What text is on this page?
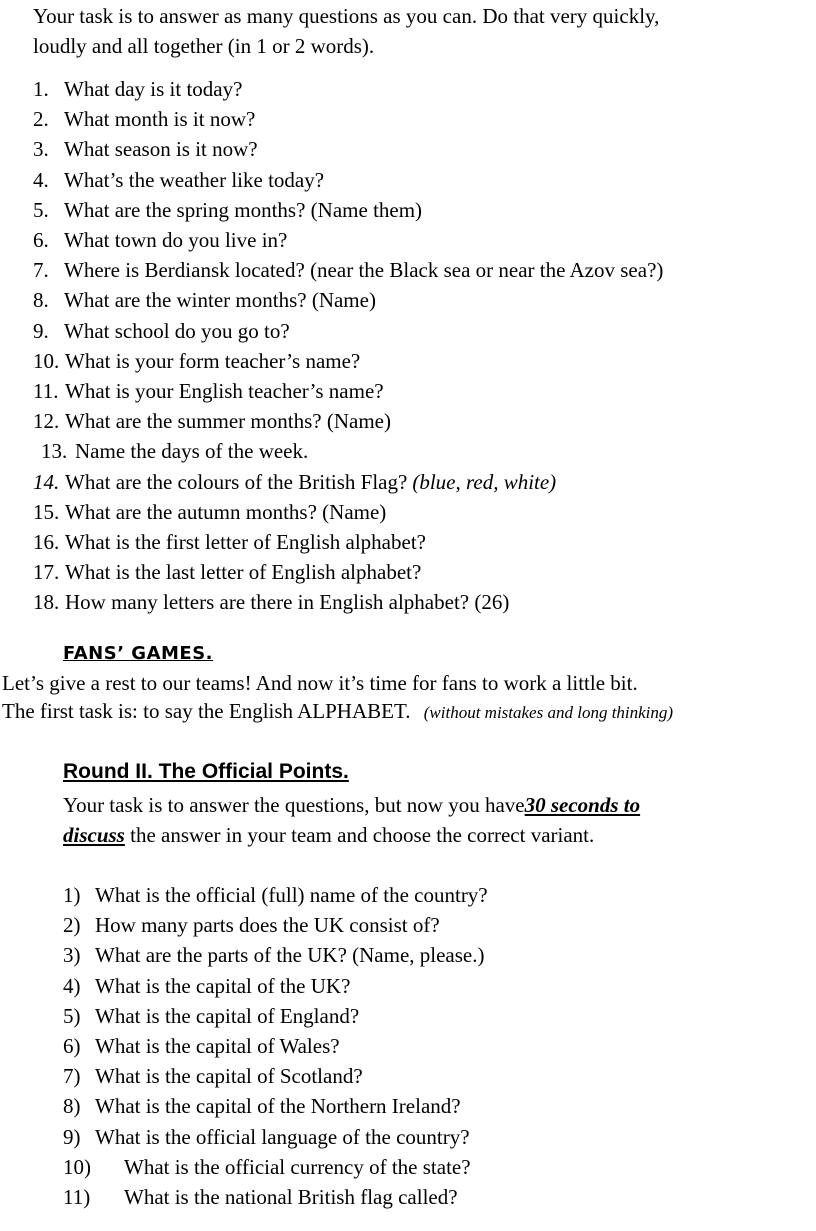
Your task is to answer as many questions as you can. Do that very quickly,
loudly and all together (in 1 or 2 words).
1. What day is it today?
2. What month is it now?
3. What season is it now?
4. What’s the weather like today?
5. What are the spring months? (Name them)
6. What town do you live in?
7. Where is Berdiansk located? (near the Black sea or near the Azov sea?)
8. What are the winter months? (Name)
9. What school do you go to?
10. What is your form teacher’s name?
11. What is your English teacher’s name?
12. What are the summer months? (Name)
13. Name the days of the week.
14. What are the colours of the British Flag? (blue, red, white)
15. What are the autumn months? (Name)
16. What is the first letter of English alphabet?
17. What is the last letter of English alphabet?
18. How many letters are there in English alphabet? (26)
FANS’ GAMES.
Let’s give a rest to our teams! And now it’s time for fans to work a little bit.
The first task is: to say the English ALPHABET. (without mistakes and long thinking)
Round II. The Official Points.
Your task is to answer the questions, but now you have30 seconds to
discuss the answer in your team and choose the correct variant.
1) What is the official (full) name of the country?
2) How many parts does the UK consist of?
3) What are the parts of the UK? (Name, please.)
4) What is the capital of the UK?
5) What is the capital of England?
6) What is the capital of Wales?
7) What is the capital of Scotland?
8) What is the capital of the Northern Ireland?
9) What is the official language of the country?
10) What is the official currency of the state?
11) What is the national British flag called?
